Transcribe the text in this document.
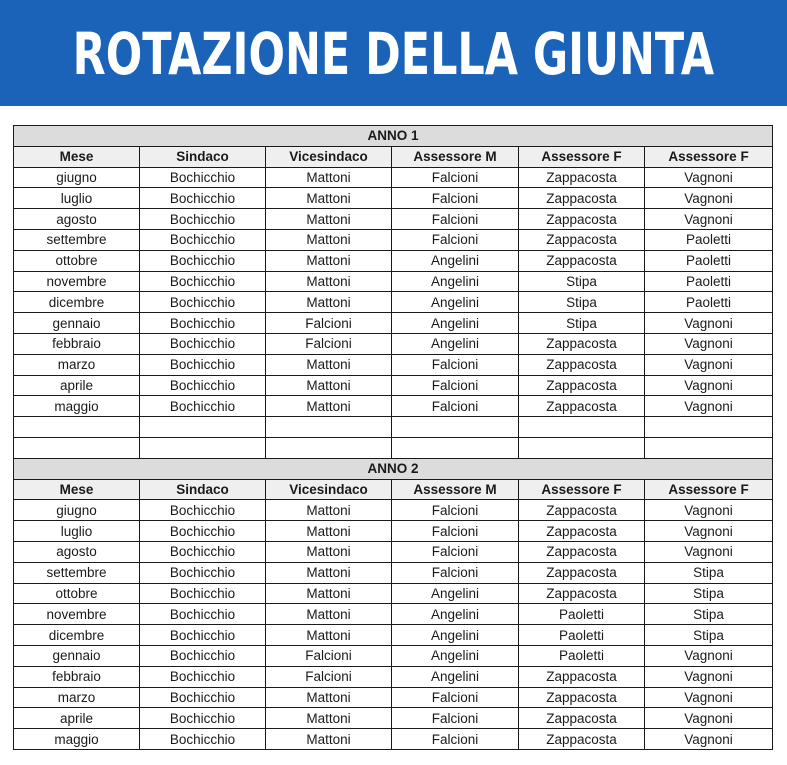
ROTAZIONE DELLA GIUNTA
ANNO 1					
Mese	Sindaco	Vicesindaco	Assessore M	Assessore F	Assessore F
giugno	Bochicchio	Mattoni	Falcioni	Zappacosta	Vagnoni
luglio	Bochicchio	Mattoni	Falcioni	Zappacosta	Vagnoni
agosto	Bochicchio	Mattoni	Falcioni	Zappacosta	Vagnoni
settembre	Bochicchio	Mattoni	Falcioni	Zappacosta	Paoletti
ottobre	Bochicchio	Mattoni	Angelini	Zappacosta	Paoletti
novembre	Bochicchio	Mattoni	Angelini	Stipa	Paoletti
dicembre	Bochicchio	Mattoni	Angelini	Stipa	Paoletti
gennaio	Bochicchio	Falcioni	Angelini	Stipa	Vagnoni
febbraio	Bochicchio	Falcioni	Angelini	Zappacosta	Vagnoni
marzo	Bochicchio	Mattoni	Falcioni	Zappacosta	Vagnoni
aprile	Bochicchio	Mattoni	Falcioni	Zappacosta	Vagnoni
maggio	Bochicchio	Mattoni	Falcioni	Zappacosta	Vagnoni

ANNO 2					
Mese	Sindaco	Vicesindaco	Assessore M	Assessore F	Assessore F
giugno	Bochicchio	Mattoni	Falcioni	Zappacosta	Vagnoni
luglio	Bochicchio	Mattoni	Falcioni	Zappacosta	Vagnoni
agosto	Bochicchio	Mattoni	Falcioni	Zappacosta	Vagnoni
settembre	Bochicchio	Mattoni	Falcioni	Zappacosta	Stipa
ottobre	Bochicchio	Mattoni	Angelini	Zappacosta	Stipa
novembre	Bochicchio	Mattoni	Angelini	Paoletti	Stipa
dicembre	Bochicchio	Mattoni	Angelini	Paoletti	Stipa
gennaio	Bochicchio	Falcioni	Angelini	Paoletti	Vagnoni
febbraio	Bochicchio	Falcioni	Angelini	Zappacosta	Vagnoni
marzo	Bochicchio	Mattoni	Falcioni	Zappacosta	Vagnoni
aprile	Bochicchio	Mattoni	Falcioni	Zappacosta	Vagnoni
maggio	Bochicchio	Mattoni	Falcioni	Zappacosta	Vagnoni
